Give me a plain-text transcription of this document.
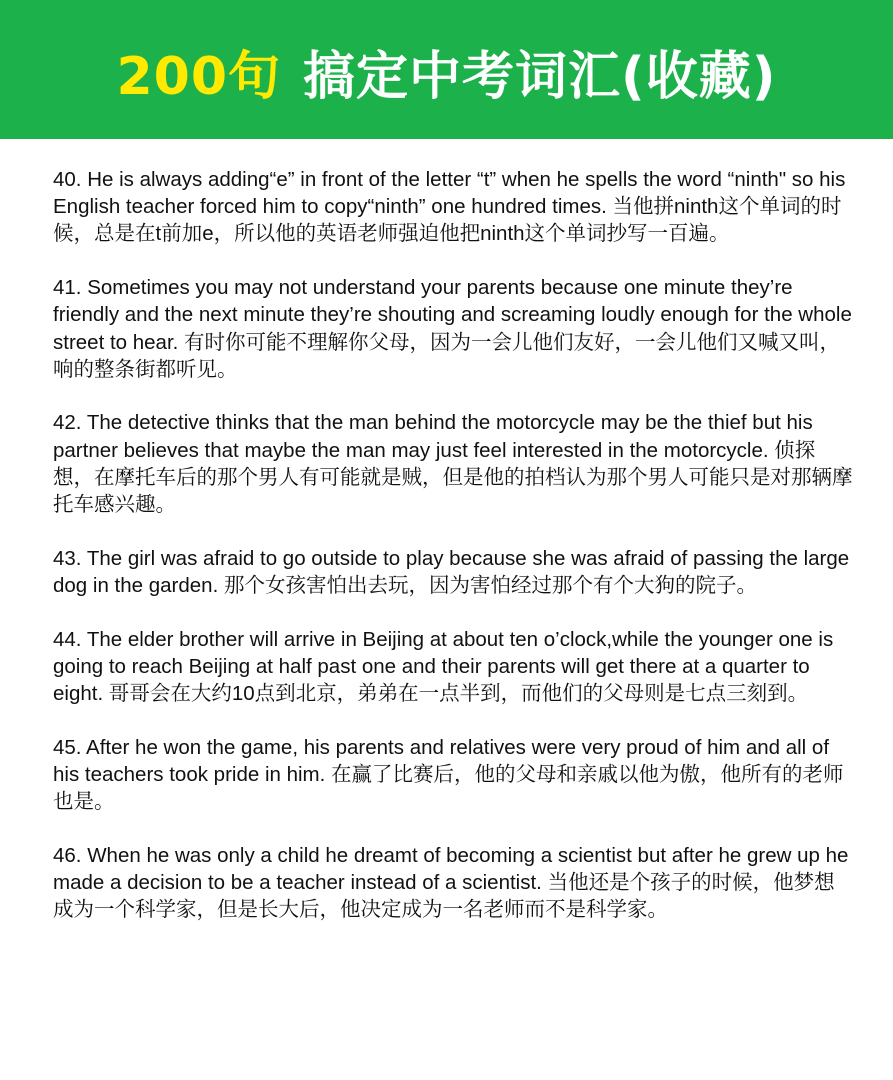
200句 搞定中考词汇(收藏)

40. He is always adding“e” in front of the letter “t” when he spells the word “ninth" so his English teacher forced him to copy“ninth” one hundred times. 当他拼ninth这个单词的时候，总是在t前加e，所以他的英语老师强迫他把ninth这个单词抄写一百遍。

41. Sometimes you may not understand your parents because one minute they’re friendly and the next minute they’re shouting and screaming loudly enough for the whole street to hear. 有时你可能不理解你父母，因为一会儿他们友好，一会儿他们又喊又叫，响的整条街都听见。

42. The detective thinks that the man behind the motorcycle may be the thief but his partner believes that maybe the man may just feel interested in the motorcycle. 侦探想，在摩托车后的那个男人有可能就是贼，但是他的拍档认为那个男人可能只是对那辆摩托车感兴趣。

43. The girl was afraid to go outside to play because she was afraid of passing the large dog in the garden. 那个女孩害怕出去玩，因为害怕经过那个有个大狗的院子。

44. The elder brother will arrive in Beijing at about ten o’clock,while the younger one is going to reach Beijing at half past one and their parents will get there at a quarter to eight. 哥哥会在大约10点到北京，弟弟在一点半到，而他们的父母则是七点三刻到。

45. After he won the game, his parents and relatives were very proud of him and all of his teachers took pride in him. 在赢了比赛后，他的父母和亲戚以他为傲，他所有的老师也是。

46. When he was only a child he dreamt of becoming a scientist but after he grew up he made a decision to be a teacher instead of a scientist. 当他还是个孩子的时候，他梦想成为一个科学家，但是长大后，他决定成为一名老师而不是科学家。
